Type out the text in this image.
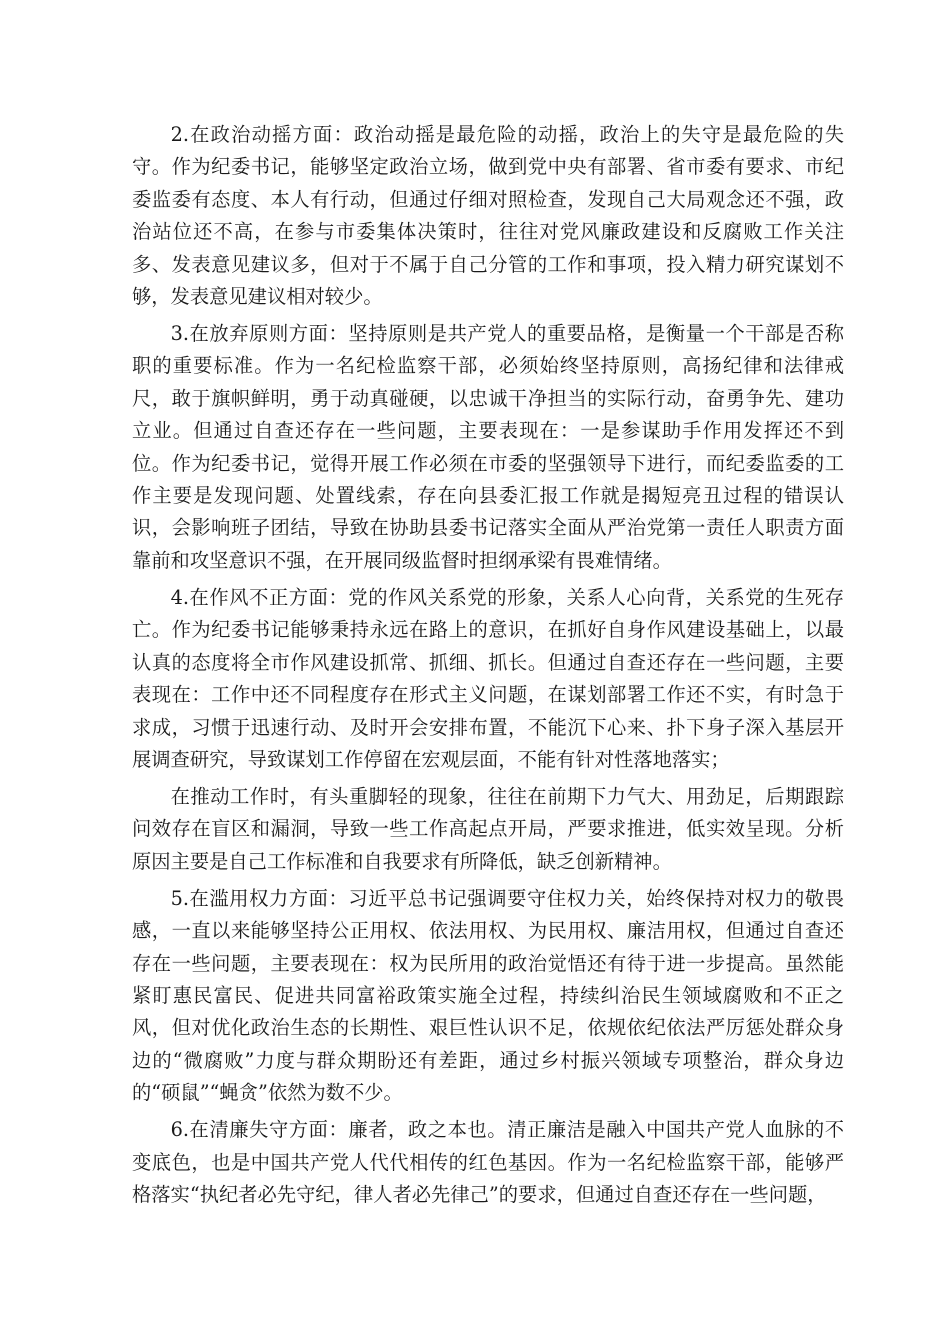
2.在政治动摇方面：政治动摇是最危险的动摇，政治上的失守是最危险的失守。作为纪委书记，能够坚定政治立场，做到党中央有部署、省市委有要求、市纪委监委有态度、本人有行动，但通过仔细对照检查，发现自己大局观念还不强，政治站位还不高，在参与市委集体决策时，往往对党风廉政建设和反腐败工作关注多、发表意见建议多，但对于不属于自己分管的工作和事项，投入精力研究谋划不够，发表意见建议相对较少。

3.在放弃原则方面：坚持原则是共产党人的重要品格，是衡量一个干部是否称职的重要标准。作为一名纪检监察干部，必须始终坚持原则，高扬纪律和法律戒尺，敢于旗帜鲜明，勇于动真碰硬，以忠诚干净担当的实际行动，奋勇争先、建功立业。但通过自查还存在一些问题，主要表现在：一是参谋助手作用发挥还不到位。作为纪委书记，觉得开展工作必须在市委的坚强领导下进行，而纪委监委的工作主要是发现问题、处置线索，存在向县委汇报工作就是揭短亮丑过程的错误认识，会影响班子团结，导致在协助县委书记落实全面从严治党第一责任人职责方面靠前和攻坚意识不强，在开展同级监督时担纲承梁有畏难情绪。

4.在作风不正方面：党的作风关系党的形象，关系人心向背，关系党的生死存亡。作为纪委书记能够秉持永远在路上的意识，在抓好自身作风建设基础上，以最认真的态度将全市作风建设抓常、抓细、抓长。但通过自查还存在一些问题，主要表现在：工作中还不同程度存在形式主义问题，在谋划部署工作还不实，有时急于求成，习惯于迅速行动、及时开会安排布置，不能沉下心来、扑下身子深入基层开展调查研究，导致谋划工作停留在宏观层面，不能有针对性落地落实；

在推动工作时，有头重脚轻的现象，往往在前期下力气大、用劲足，后期跟踪问效存在盲区和漏洞，导致一些工作高起点开局，严要求推进，低实效呈现。分析原因主要是自己工作标准和自我要求有所降低，缺乏创新精神。

5.在滥用权力方面：习近平总书记强调要守住权力关，始终保持对权力的敬畏感，一直以来能够坚持公正用权、依法用权、为民用权、廉洁用权，但通过自查还存在一些问题，主要表现在：权为民所用的政治觉悟还有待于进一步提高。虽然能紧盯惠民富民、促进共同富裕政策实施全过程，持续纠治民生领域腐败和不正之风，但对优化政治生态的长期性、艰巨性认识不足，依规依纪依法严厉惩处群众身边的“微腐败”力度与群众期盼还有差距，通过乡村振兴领域专项整治，群众身边的“硕鼠”“蝇贪”依然为数不少。

6.在清廉失守方面：廉者，政之本也。清正廉洁是融入中国共产党人血脉的不变底色，也是中国共产党人代代相传的红色基因。作为一名纪检监察干部，能够严格落实“执纪者必先守纪，律人者必先律己”的要求，但通过自查还存在一些问题，
